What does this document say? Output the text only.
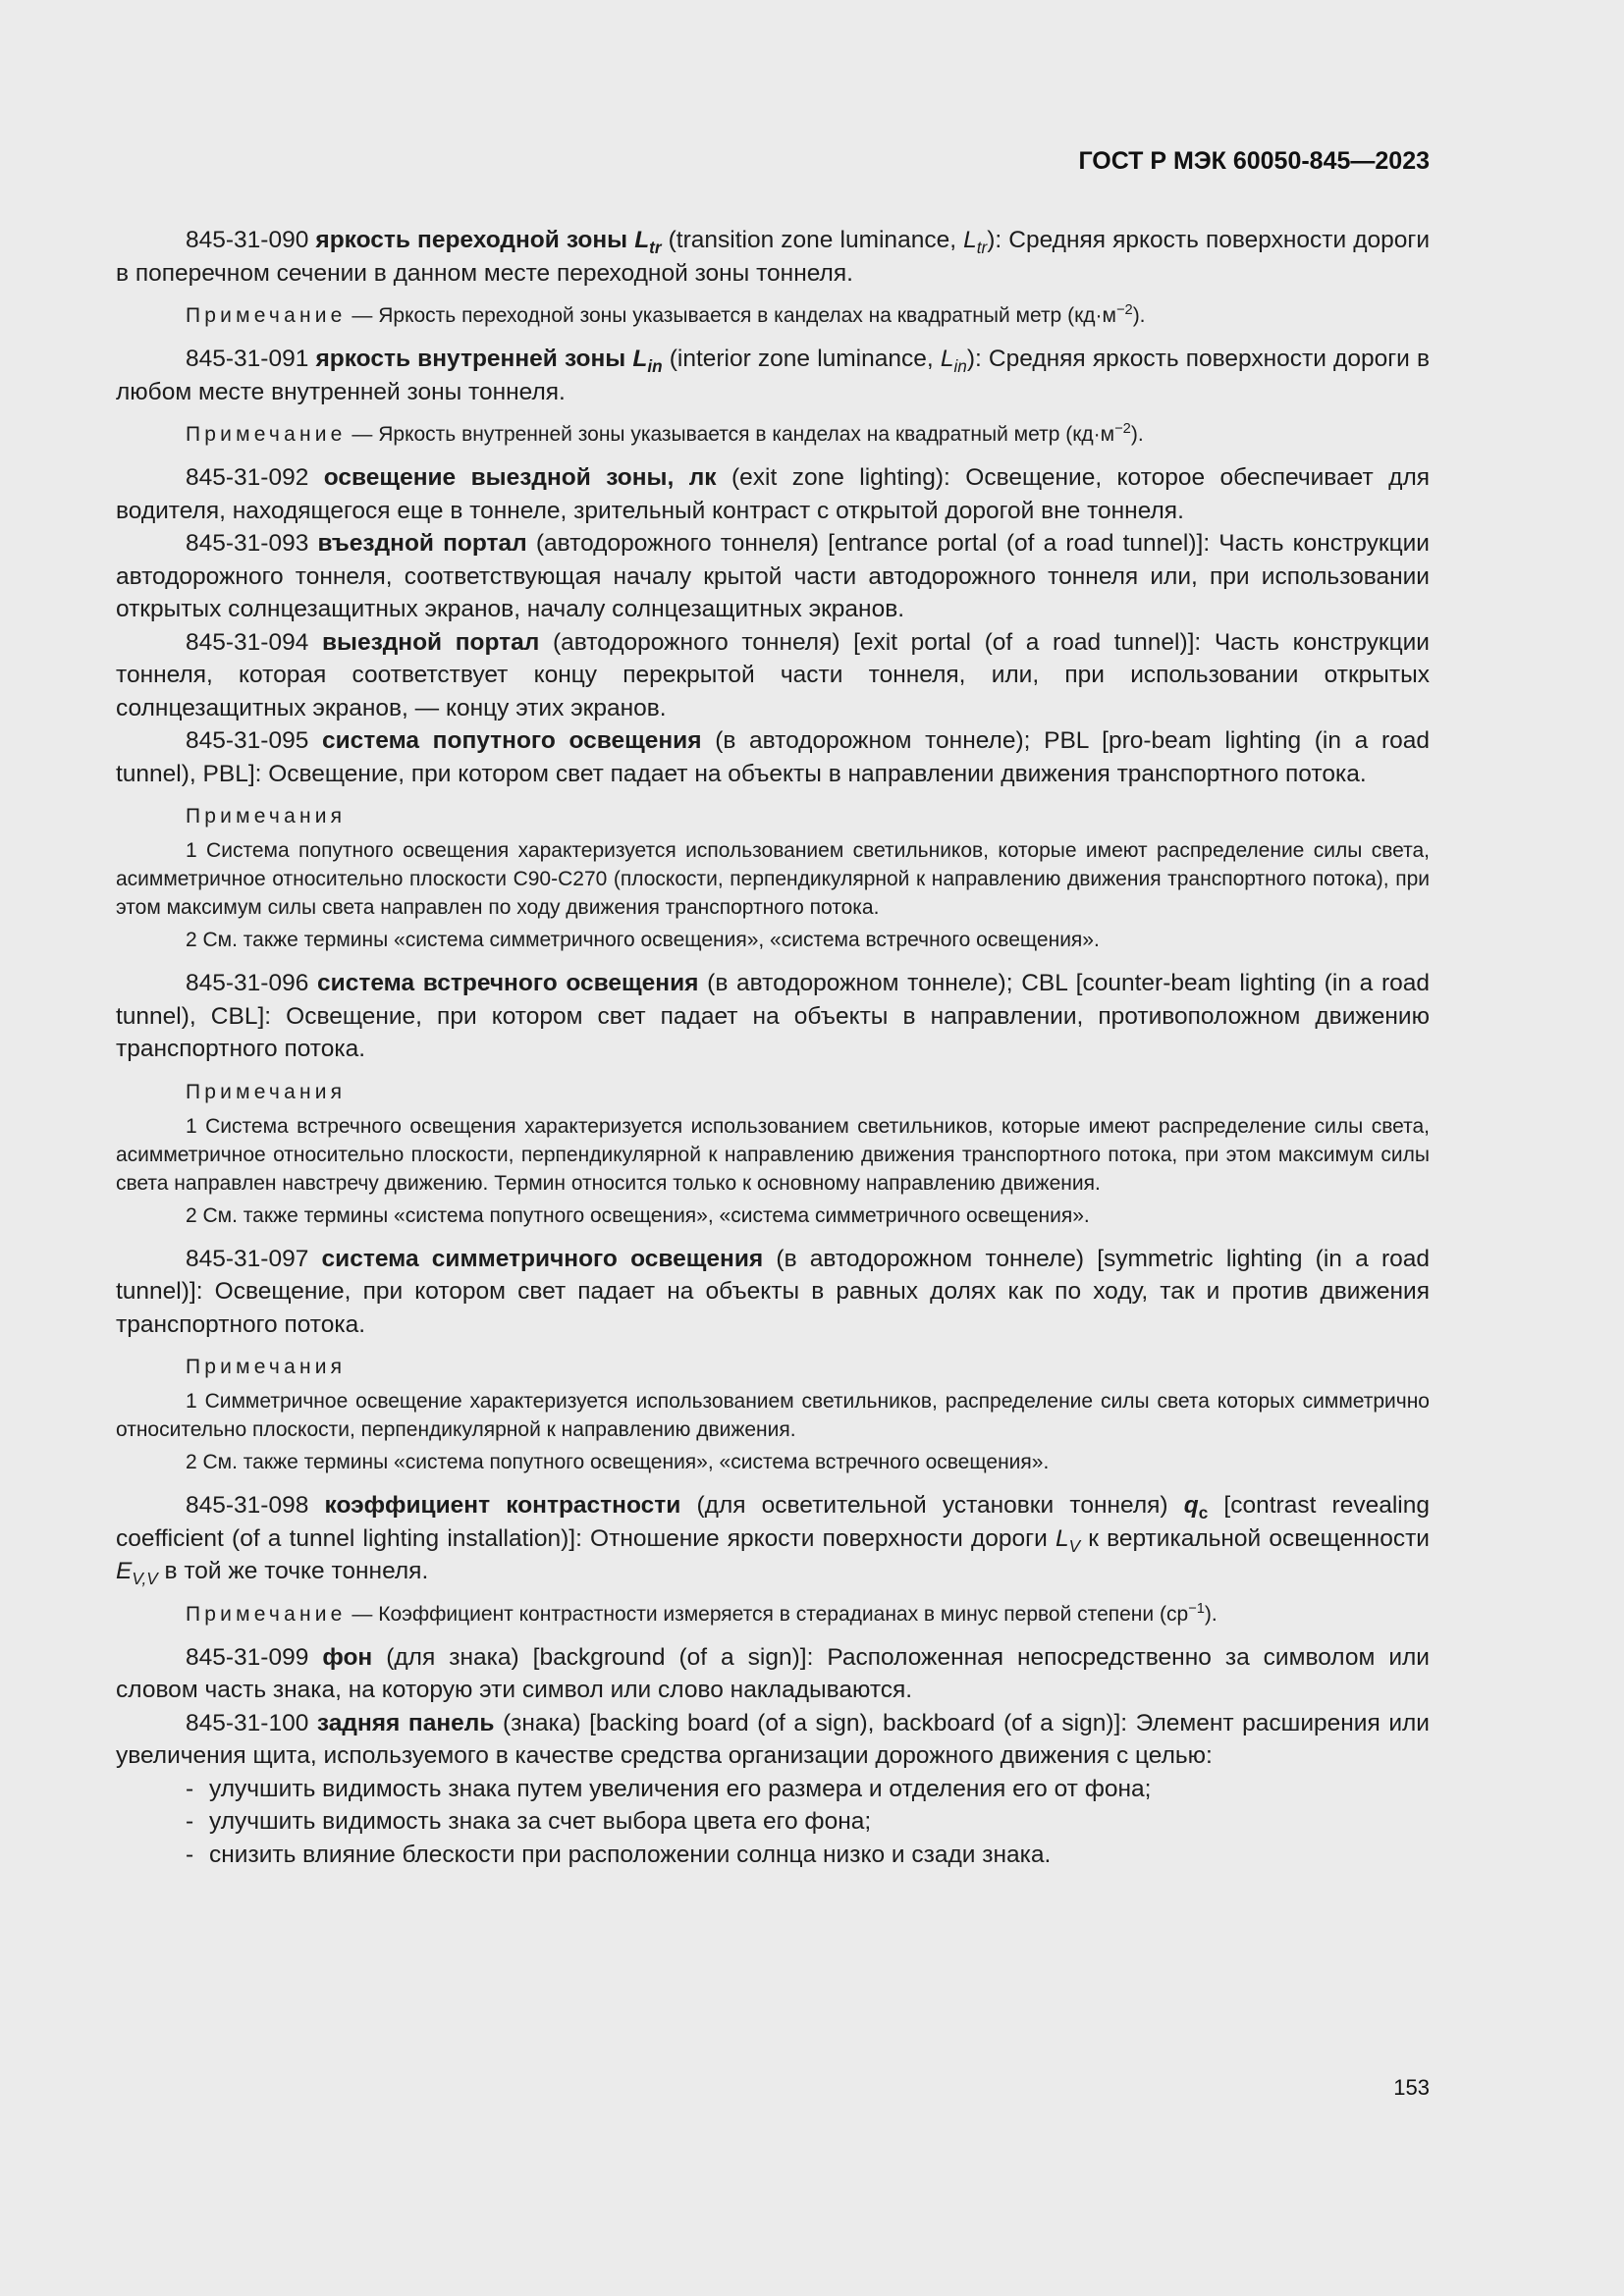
ГОСТ Р МЭК 60050-845—2023

845-31-090 яркость переходной зоны $L_{tr}$ (transition zone luminance, $L_{tr}$): Средняя яркость поверхности дороги в поперечном сечении в данном месте переходной зоны тоннеля.

Примечание — Яркость переходной зоны указывается в канделах на квадратный метр $(кд\cdot м^{-2})$.

845-31-091 яркость внутренней зоны $L_{in}$ (interior zone luminance, $L_{in}$): Средняя яркость поверхности дороги в любом месте внутренней зоны тоннеля.

Примечание — Яркость внутренней зоны указывается в канделах на квадратный метр $(кд\cdot м^{-2})$.

845-31-092 освещение выездной зоны, лк (exit zone lighting): Освещение, которое обеспечивает для водителя, находящегося еще в тоннеле, зрительный контраст с открытой дорогой вне тоннеля.

845-31-093 въездной портал (автодорожного тоннеля) [entrance portal (of a road tunnel)]: Часть конструкции автодорожного тоннеля, соответствующая началу крытой части автодорожного тоннеля или, при использовании открытых солнцезащитных экранов, началу солнцезащитных экранов.

845-31-094 выездной портал (автодорожного тоннеля) [exit portal (of a road tunnel)]: Часть конструкции тоннеля, которая соответствует концу перекрытой части тоннеля, или, при использовании открытых солнцезащитных экранов, — концу этих экранов.

845-31-095 система попутного освещения (в автодорожном тоннеле); PBL [pro-beam lighting (in a road tunnel), PBL]: Освещение, при котором свет падает на объекты в направлении движения транспортного потока.

Примечания

1 Система попутного освещения характеризуется использованием светильников, которые имеют распределение силы света, асимметричное относительно плоскости С90-С270 (плоскости, перпендикулярной к направлению движения транспортного потока), при этом максимум силы света направлен по ходу движения транспортного потока.

2 См. также термины «система симметричного освещения», «система встречного освещения».

845-31-096 система встречного освещения (в автодорожном тоннеле); CBL [counter-beam lighting (in a road tunnel), CBL]: Освещение, при котором свет падает на объекты в направлении, противоположном движению транспортного потока.

Примечания

1 Система встречного освещения характеризуется использованием светильников, которые имеют распределение силы света, асимметричное относительно плоскости, перпендикулярной к направлению движения транспортного потока, при этом максимум силы света направлен навстречу движению. Термин относится только к основному направлению движения.

2 См. также термины «система попутного освещения», «система симметричного освещения».

845-31-097 система симметричного освещения (в автодорожном тоннеле) [symmetric lighting (in a road tunnel)]: Освещение, при котором свет падает на объекты в равных долях как по ходу, так и против движения транспортного потока.

Примечания

1 Симметричное освещение характеризуется использованием светильников, распределение силы света которых симметрично относительно плоскости, перпендикулярной к направлению движения.

2 См. также термины «система попутного освещения», «система встречного освещения».

845-31-098 коэффициент контрастности (для осветительной установки тоннеля) $q_c$ [contrast revealing coefficient (of a tunnel lighting installation)]: Отношение яркости поверхности дороги $L_V$ к вертикальной освещенности $E_{V,V}$ в той же точке тоннеля.

Примечание — Коэффициент контрастности измеряется в стерадианах в минус первой степени $(ср^{-1})$.

845-31-099 фон (для знака) [background (of a sign)]: Расположенная непосредственно за символом или словом часть знака, на которую эти символ или слово накладываются.

845-31-100 задняя панель (знака) [backing board (of a sign), backboard (of a sign)]: Элемент расширения или увеличения щита, используемого в качестве средства организации дорожного движения с целью:

- улучшить видимость знака путем увеличения его размера и отделения его от фона;
- улучшить видимость знака за счет выбора цвета его фона;
- снизить влияние блескости при расположении солнца низко и сзади знака.
153
